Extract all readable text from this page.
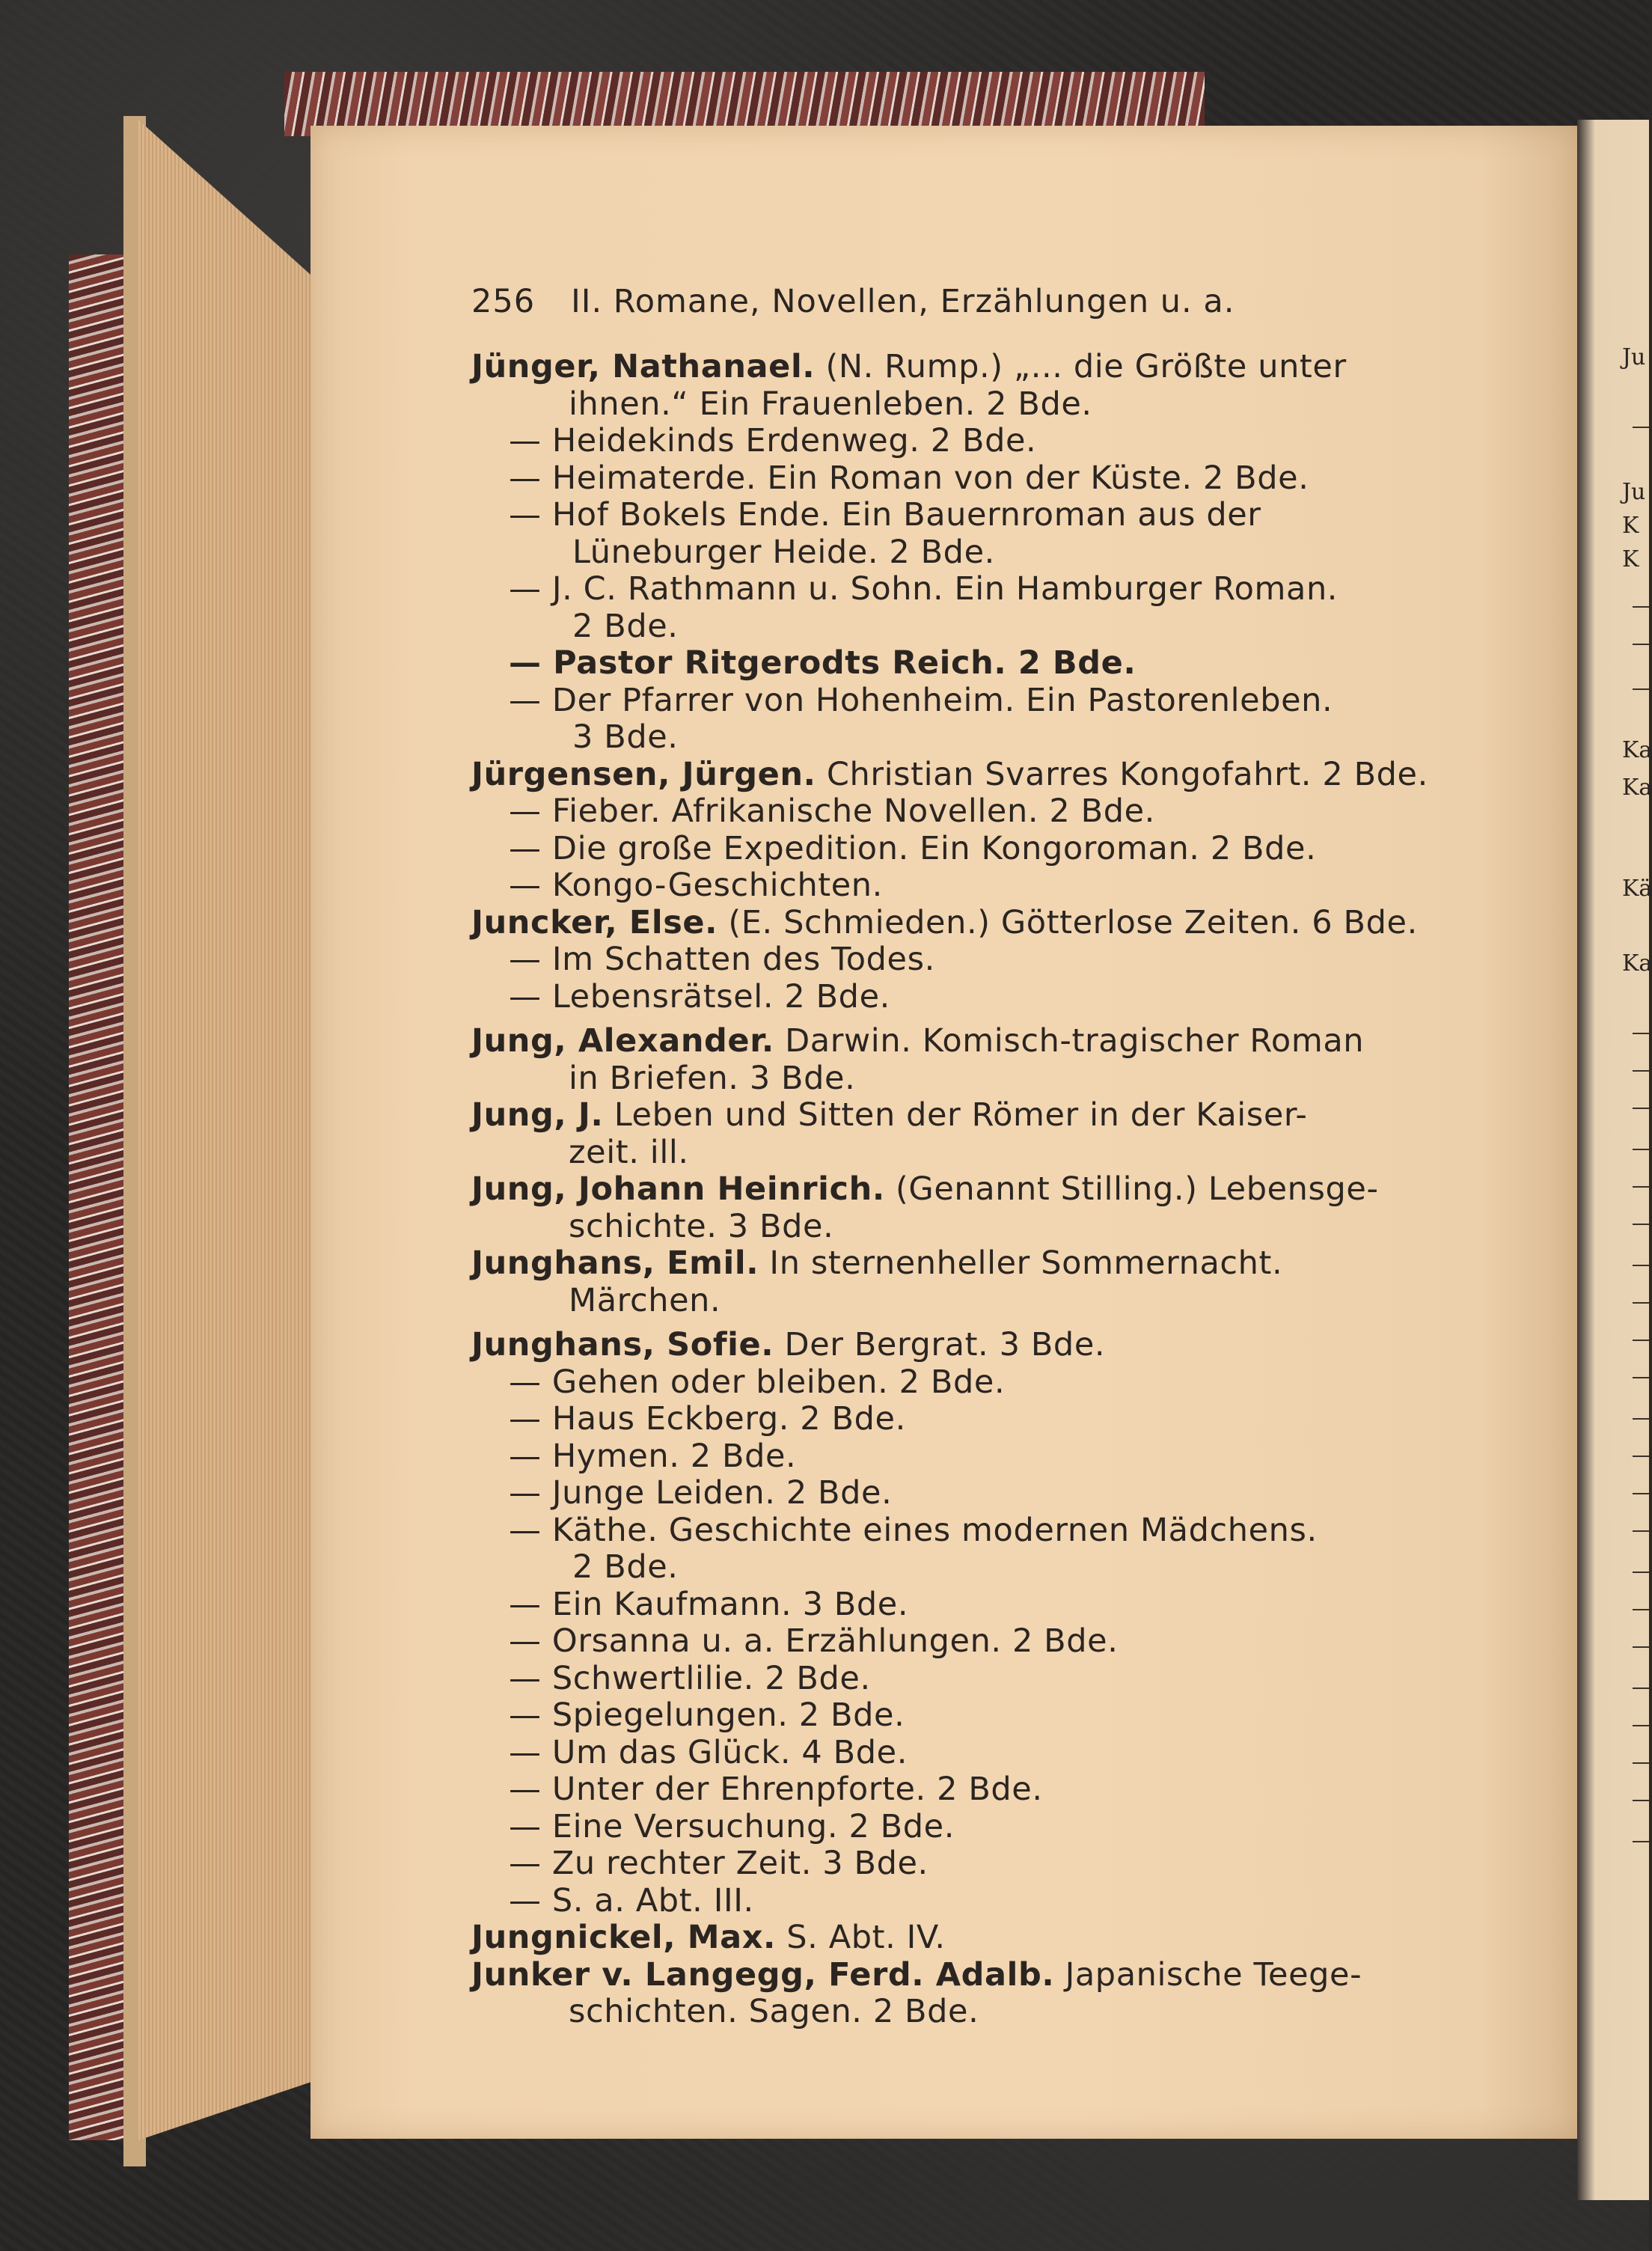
Ju
Ju
K
K
Ka
Ka
Kä
Ka
256 II. Romane, Novellen, Erzählungen u. a.
Jünger, Nathanael. (N. Rump.) „... die Größte unter
ihnen.“ Ein Frauenleben. 2 Bde.
— Heidekinds Erdenweg. 2 Bde.
— Heimaterde. Ein Roman von der Küste. 2 Bde.
— Hof Bokels Ende. Ein Bauernroman aus der
Lüneburger Heide. 2 Bde.
— J. C. Rathmann u. Sohn. Ein Hamburger Roman.
2 Bde.
— Pastor Ritgerodts Reich. 2 Bde.
— Der Pfarrer von Hohenheim. Ein Pastorenleben.
3 Bde.
Jürgensen, Jürgen. Christian Svarres Kongofahrt. 2 Bde.
— Fieber. Afrikanische Novellen. 2 Bde.
— Die große Expedition. Ein Kongoroman. 2 Bde.
— Kongo-Geschichten.
Juncker, Else. (E. Schmieden.) Götterlose Zeiten. 6 Bde.
— Im Schatten des Todes.
— Lebensrätsel. 2 Bde.
Jung, Alexander. Darwin. Komisch-tragischer Roman
in Briefen. 3 Bde.
Jung, J. Leben und Sitten der Römer in der Kaiser-
zeit. ill.
Jung, Johann Heinrich. (Genannt Stilling.) Lebensge-
schichte. 3 Bde.
Junghans, Emil. In sternenheller Sommernacht.
Märchen.
Junghans, Sofie. Der Bergrat. 3 Bde.
— Gehen oder bleiben. 2 Bde.
— Haus Eckberg. 2 Bde.
— Hymen. 2 Bde.
— Junge Leiden. 2 Bde.
— Käthe. Geschichte eines modernen Mädchens.
2 Bde.
— Ein Kaufmann. 3 Bde.
— Orsanna u. a. Erzählungen. 2 Bde.
— Schwertlilie. 2 Bde.
— Spiegelungen. 2 Bde.
— Um das Glück. 4 Bde.
— Unter der Ehrenpforte. 2 Bde.
— Eine Versuchung. 2 Bde.
— Zu rechter Zeit. 3 Bde.
— S. a. Abt. III.
Jungnickel, Max. S. Abt. IV.
Junker v. Langegg, Ferd. Adalb. Japanische Teege-
schichten. Sagen. 2 Bde.
